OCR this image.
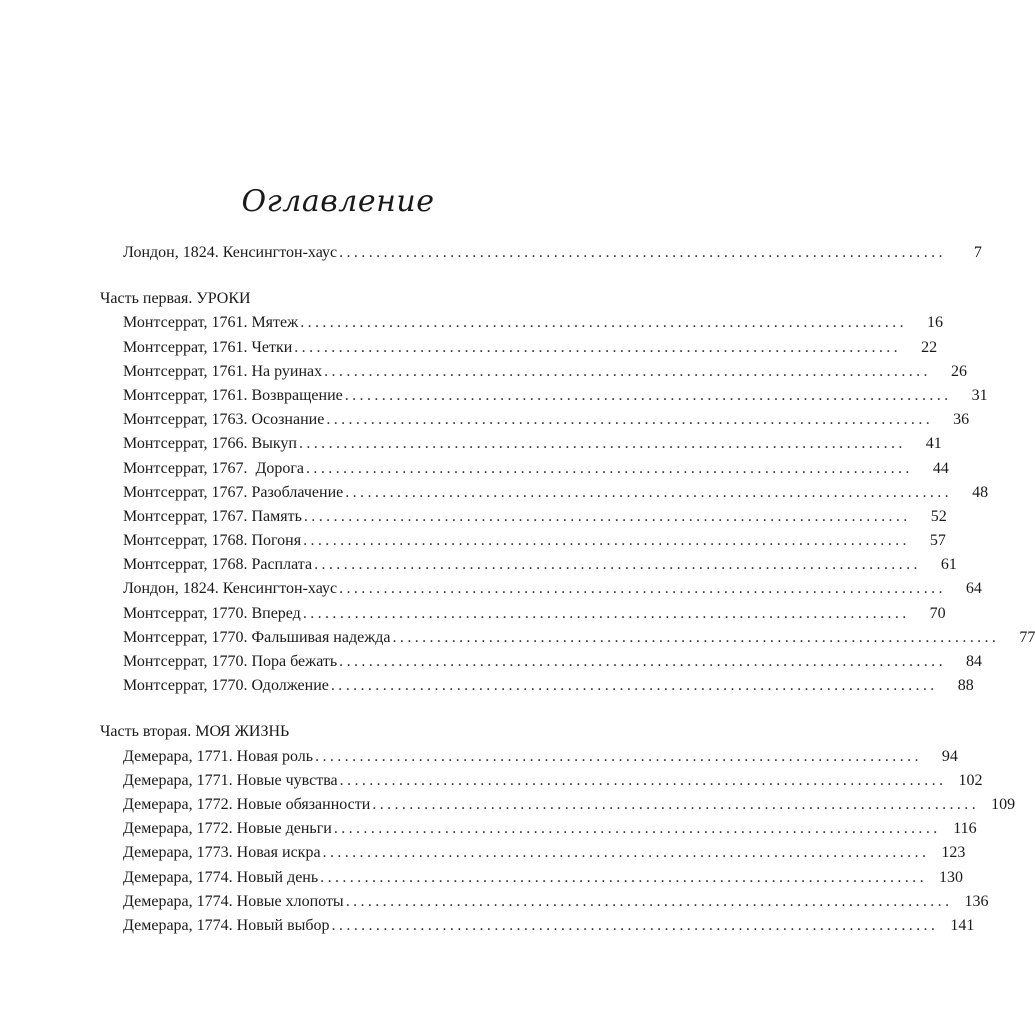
Оглавление
Лондон, 1824. Кенсингтон-хаус ..................................................................................	7
Часть первая. УРОКИ
Монтсеррат, 1761. Мятеж ..................................................................................	16
Монтсеррат, 1761. Четки ..................................................................................	22
Монтсеррат, 1761. На руинах ..................................................................................	26
Монтсеррат, 1761. Возвращение ..................................................................................	31
Монтсеррат, 1763. Осознание ..................................................................................	36
Монтсеррат, 1766. Выкуп ..................................................................................	41
Монтсеррат, 1767.  Дорога ..................................................................................	44
Монтсеррат, 1767. Разоблачение ..................................................................................	48
Монтсеррат, 1767. Память ..................................................................................	52
Монтсеррат, 1768. Погоня ..................................................................................	57
Монтсеррат, 1768. Расплата ..................................................................................	61
Лондон, 1824. Кенсингтон-хаус ..................................................................................	64
Монтсеррат, 1770. Вперед ..................................................................................	70
Монтсеррат, 1770. Фальшивая надежда ..................................................................................	77
Монтсеррат, 1770. Пора бежать ..................................................................................	84
Монтсеррат, 1770. Одолжение ..................................................................................	88
Часть вторая. МОЯ ЖИЗНЬ
Демерара, 1771. Новая роль ..................................................................................	94
Демерара, 1771. Новые чувства .................................................................................. 102
Демерара, 1772. Новые обязанности .................................................................................. 109
Демерара, 1772. Новые деньги .................................................................................. 116
Демерара, 1773. Новая искра .................................................................................. 123
Демерара, 1774. Новый день .................................................................................. 130
Демерара, 1774. Новые хлопоты .................................................................................. 136
Демерара, 1774. Новый выбор .................................................................................. 141
